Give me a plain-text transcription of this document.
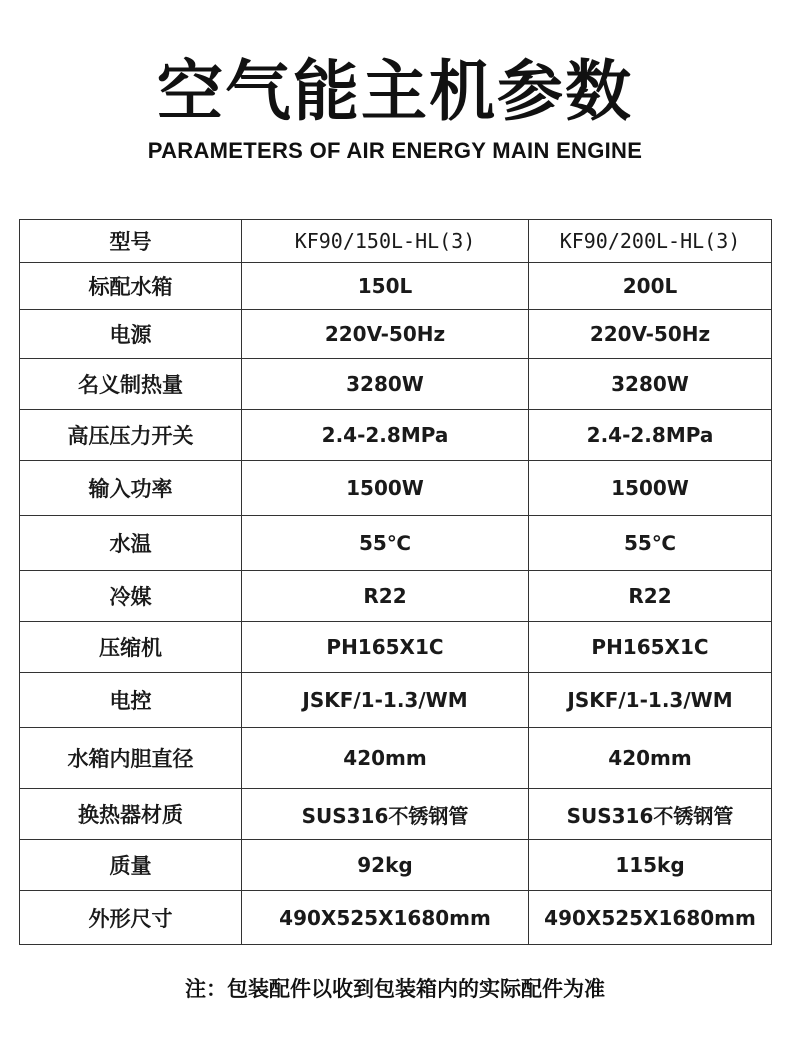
空气能主机参数
PARAMETERS OF AIR ENERGY MAIN ENGINE
型号	KF90/150L-HL(3)	KF90/200L-HL(3)
标配水箱	150L	200L
电源	220V-50Hz	220V-50Hz
名义制热量	3280W	3280W
高压压力开关	2.4-2.8MPa	2.4-2.8MPa
输入功率	1500W	1500W
水温	55℃	55℃
冷媒	R22	R22
压缩机	PH165X1C	PH165X1C
电控	JSKF/1-1.3/WM	JSKF/1-1.3/WM
水箱内胆直径	420mm	420mm
换热器材质	SUS316不锈钢管	SUS316不锈钢管
质量	92kg	115kg
外形尺寸	490X525X1680mm	490X525X1680mm
注：包装配件以收到包装箱内的实际配件为准
